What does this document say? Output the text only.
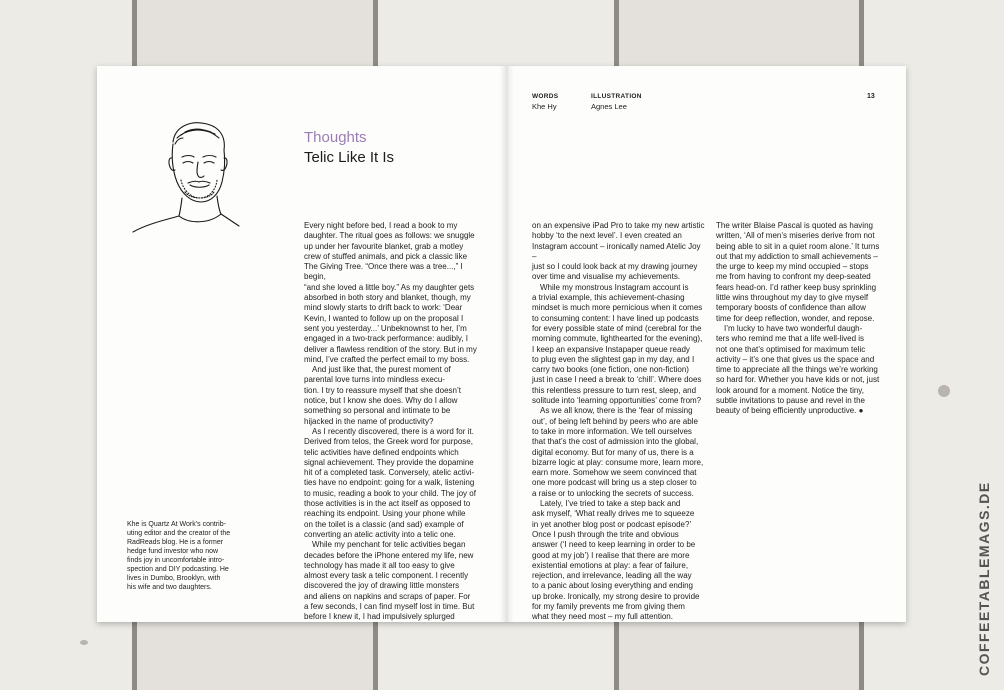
Thoughts
Telic Like It Is
Khe is Quartz At Work’s contrib-
uting editor and the creator of the
RadReads blog. He is a former
hedge fund investor who now
finds joy in uncomfortable intro-
spection and DIY podcasting. He
lives in Dumbo, Brooklyn, with
his wife and two daughters.

Every night before bed, I read a book to my
daughter. The ritual goes as follows: we snuggle
up under her favourite blanket, grab a motley
crew of stuffed animals, and pick a classic like
The Giving Tree. “Once there was a tree...,” I begin,
“and she loved a little boy.” As my daughter gets
absorbed in both story and blanket, though, my
mind slowly starts to drift back to work: ‘Dear
Kevin, I wanted to follow up on the proposal I
sent you yesterday...’ Unbeknownst to her, I’m
engaged in a two-track performance: audibly, I
deliver a flawless rendition of the story. But in my
mind, I’ve crafted the perfect email to my boss.

And just like that, the purest moment of
parental love turns into mindless execu-
tion. I try to reassure myself that she doesn’t
notice, but I know she does. Why do I allow
something so personal and intimate to be
hijacked in the name of productivity?

As I recently discovered, there is a word for it.
Derived from telos, the Greek word for purpose,
telic activities have defined endpoints which
signal achievement. They provide the dopamine
hit of a completed task. Conversely, atelic activi-
ties have no endpoint: going for a walk, listening
to music, reading a book to your child. The joy of
those activities is in the act itself as opposed to
reaching its endpoint. Using your phone while
on the toilet is a classic (and sad) example of
converting an atelic activity into a telic one.

While my penchant for telic activities began
decades before the iPhone entered my life, new
technology has made it all too easy to give
almost every task a telic component. I recently
discovered the joy of drawing little monsters
and aliens on napkins and scraps of paper. For
a few seconds, I can find myself lost in time. But
before I knew it, I had impulsively splurged

on an expensive iPad Pro to take my new artistic
hobby ‘to the next level’. I even created an
Instagram account – ironically named Atelic Joy –
just so I could look back at my drawing journey
over time and visualise my achievements.

While my monstrous Instagram account is
a trivial example, this achievement-chasing
mindset is much more pernicious when it comes
to consuming content: I have lined up podcasts
for every possible state of mind (cerebral for the
morning commute, lighthearted for the evening),
I keep an expansive Instapaper queue ready
to plug even the slightest gap in my day, and I
carry two books (one fiction, one non-fiction)
just in case I need a break to ‘chill’. Where does
this relentless pressure to turn rest, sleep, and
solitude into ‘learning opportunities’ come from?

As we all know, there is the ‘fear of missing
out’, of being left behind by peers who are able
to take in more information. We tell ourselves
that that’s the cost of admission into the global,
digital economy. But for many of us, there is a
bizarre logic at play: consume more, learn more,
earn more. Somehow we seem convinced that
one more podcast will bring us a step closer to
a raise or to unlocking the secrets of success.

Lately, I’ve tried to take a step back and
ask myself, ‘What really drives me to squeeze
in yet another blog post or podcast episode?’
Once I push through the trite and obvious
answer (‘I need to keep learning in order to be
good at my job’) I realise that there are more
existential emotions at play: a fear of failure,
rejection, and irrelevance, leading all the way
to a panic about losing everything and ending
up broke. Ironically, my strong desire to provide
for my family prevents me from giving them
what they need most – my full attention.

The writer Blaise Pascal is quoted as having
written, ‘All of men’s miseries derive from not
being able to sit in a quiet room alone.’ It turns
out that my addiction to small achievements –
the urge to keep my mind occupied – stops
me from having to confront my deep-seated
fears head-on. I’d rather keep busy sprinkling
little wins throughout my day to give myself
temporary boosts of confidence than allow
time for deep reflection, wonder, and repose.

I’m lucky to have two wonderful daugh-
ters who remind me that a life well-lived is
not one that’s optimised for maximum telic
activity – it’s one that gives us the space and
time to appreciate all the things we’re working
so hard for. Whether you have kids or not, just
look around for a moment. Notice the tiny,
subtle invitations to pause and revel in the
beauty of being efficiently unproductive. ●

WORDS
Khe Hy
ILLUSTRATION
Agnes Lee
13
COFFEETABLEMAGS.DE
